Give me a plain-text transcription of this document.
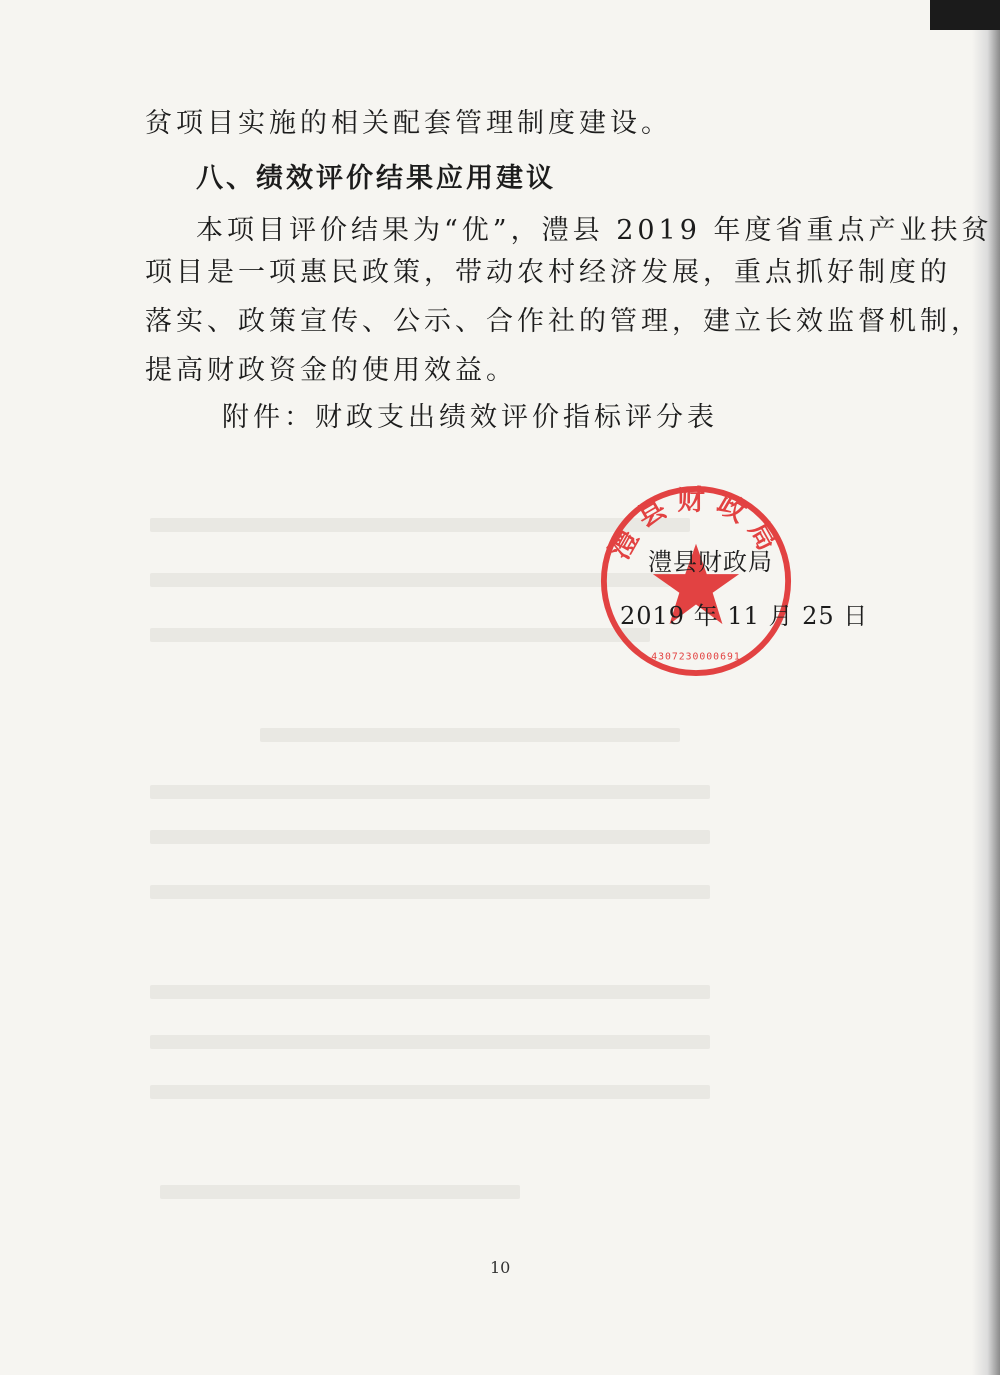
贫项目实施的相关配套管理制度建设。
八、绩效评价结果应用建议
本项目评价结果为“优”，澧县 2019 年度省重点产业扶贫
项目是一项惠民政策，带动农村经济发展，重点抓好制度的
落实、政策宣传、公示、合作社的管理，建立长效监督机制，
提高财政资金的使用效益。
附件：财政支出绩效评价指标评分表
澧县财政局
4307230000691
澧县财政局
2019 年 11 月 25 日
10
